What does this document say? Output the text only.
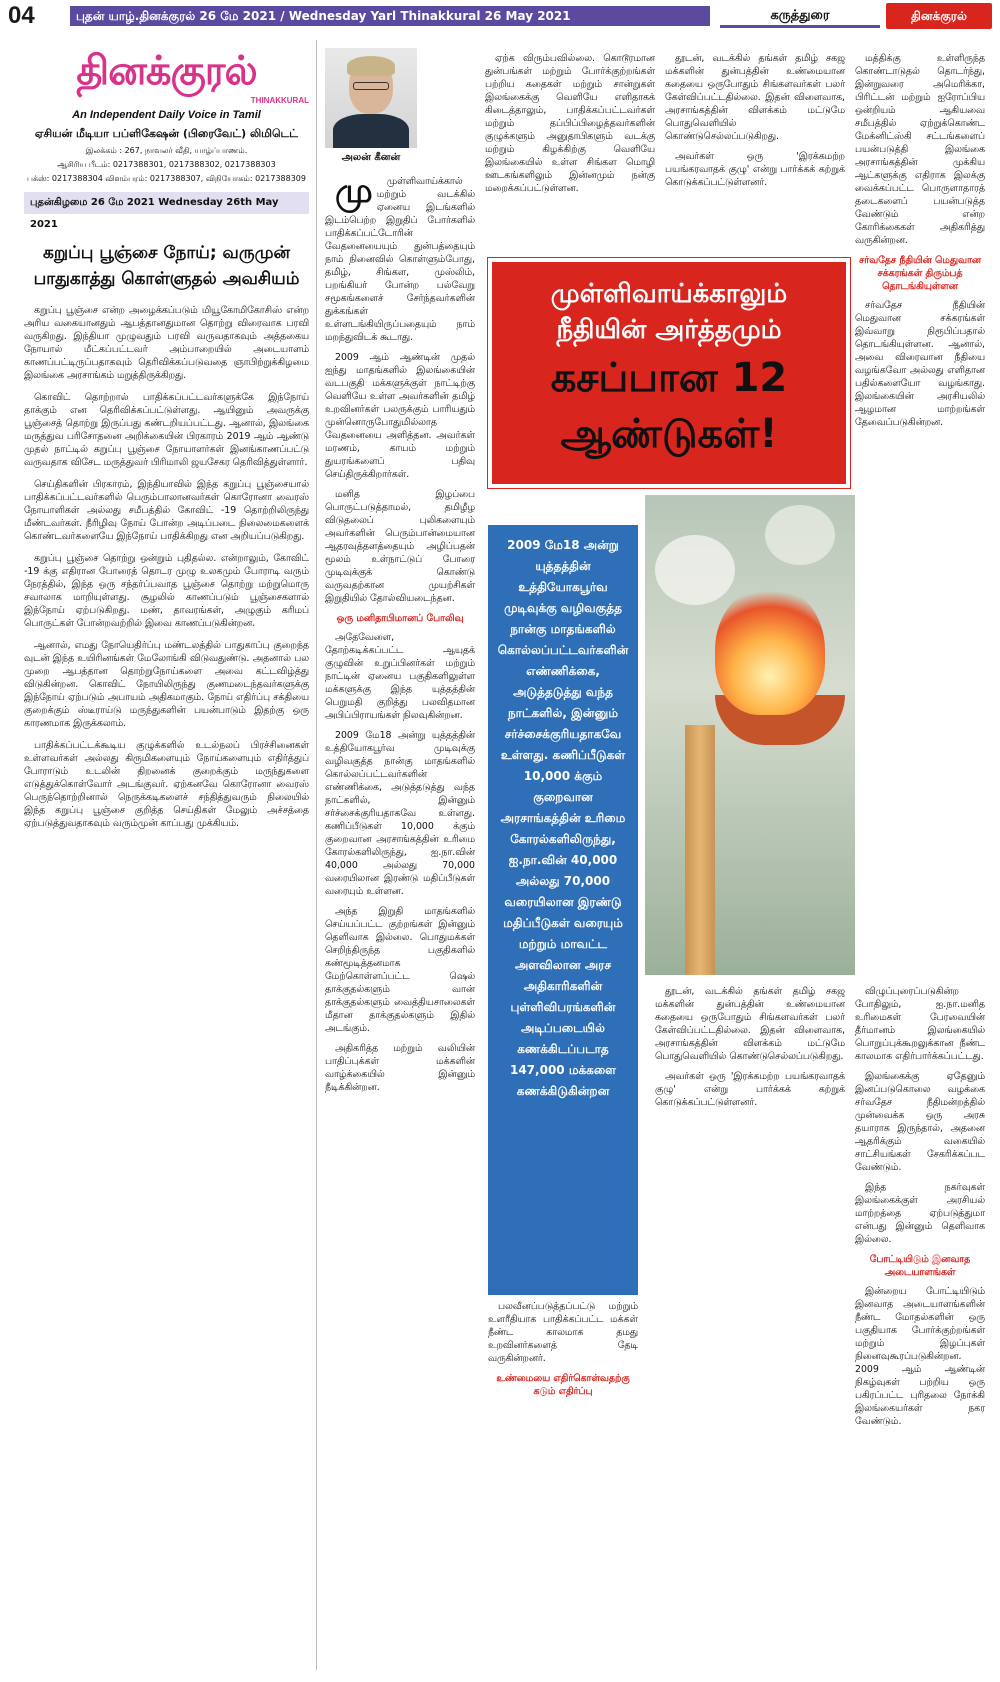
04	புதன் யாழ்.தினக்குரல் 26 மே 2021 / Wednesday Yarl Thinakkural 26 May 2021	கருத்துரை	தினக்குரல்
தினக்குரல்
THINAKKURAL
An Independent Daily Voice in Tamil
ஏசியன் மீடியா பப்ளிகேஷன் (பிரைவேட்) லிமிடெட்
இலக்கம் : 267, நாவலர் வீதி, யாழ்ப்பாணம்.
ஆசிரிய பீடம்: 0217388301, 0217388302, 0217388303
பக்ஸ்: 0217388304 விளம்பரம்: 0217388307, விநியோகம்: 0217388309
புதன்கிழமை 26 மே 2021 Wednesday 26th May 2021
கறுப்பு பூஞ்சை நோய்; வருமுன் பாதுகாத்து கொள்ளுதல் அவசியம்

கறுப்பு பூஞ்சை என்ற அழைக்கப்படும் மியூகோமிகோசிஸ் என்ற அரிய வகையானதும் ஆபத்தானதுமான தொற்று விரைவாக பரவி வருகிறது. இந்தியா முழுவதும் பரவி வருவதாகவும் அத்தகைய நோயால் மீட்கப்பட்டவர் அம்பாறையில் அடையாளம் காணப்பட்டிருப்பதாகவும் தெரிவிக்கப்படுவதை ஞாபிற்றுக்கிழமை இலங்கை அரசாங்கம் மறுத்திருக்கிறது.

கொவிட் தொற்றால் பாதிக்கப்பட்டவர்களுக்கே இந்நோய் தாக்கும் என தெரிவிக்கப்பட்டுள்ளது. ஆயினும் அவருக்கு பூஞ்சைத் தொற்று இருப்பது கண்டறியப்பட்டது. ஆனால், இலங்கை மருத்துவ பரிசோதனை அறிக்கையின் பிரகாரம் 2019 ஆம் ஆண்டு முதல் நாட்டில் கறுப்பு பூஞ்சை நோயாளர்கள் இனங்காணப்பட்டு வருவதாக விசேட மருத்துவர் பிரிமாலி ஜயசேகர தெரிவித்துள்ளார்.

செய்திகளின் பிரகாரம், இந்தியாவில் இந்த கறுப்பு பூஞ்சையால் பாதிக்கப்பட்டவர்களில் பெரும்பாலானவர்கள் கொரோனா வைரஸ் நோயாளிகள் அல்லது சமீபத்தில் கோவிட் -19 தொற்றிலிருந்து மீண்டவர்கள். நீரிழிவு நோய் போன்ற அடிப்படை நிலைமைகளைக் கொண்டவர்களையே இந்நோய் பாதிக்கிறது என அறியப்படுகிறது.

கறுப்பு பூஞ்சை தொற்று ஒன்றும் புதிதல்ல. என்றாலும், கோவிட் -19 க்கு எதிரான போரைத் தொடர முழு உலகமும் போராடி வரும் நேரத்தில், இந்த ஒரு சந்தர்ப்பவாத பூஞ்சை தொற்று மற்றுமொரு சவாலாக மாறியுள்ளது. சூழலில் காணப்படும் பூஞ்சைகளால் இந்நோய் ஏற்படுகிறது. மண், தாவரங்கள், அழுகும் கரிமப் பொருட்கள் போன்றவற்றில் இவை காணப்படுகின்றன.

ஆனால், எமது நோயெதிர்ப்பு மண்டலத்தில் பாதுகாப்பு குறைந்த வுடன் இந்த உயிரினங்கள் மேலோங்கி விடுவதுண்டு. அதனால் பல முறை ஆபத்தான தொற்றுநோய்களை அவை கட்டவிழ்த்து விடுகின்றன. கொவிட் நோயிலிருந்து குணமடைந்தவர்களுக்கு இந்நோய் ஏற்படும் அபாயம் அதிகமாகும். நோய் எதிர்ப்பு சக்தியை குறைக்கும் ஸ்டீராய்டு மருந்துகளின் பயன்பாடும் இதற்கு ஒரு காரணமாக இருக்கலாம்.

பாதிக்கப்பட்டக்கூடிய குழுக்களில் உடல்நலப் பிரச்சினைகள் உள்ளவர்கள் அல்லது கிருமிகளையும் நோய்களையும் எதிர்த்துப் போராடும் உடலின் திறனைக் குறைக்கும் மருந்துகளை எடுத்துக்கொள்வோர் அடங்குவர். ஏற்கனவே கொரோனா வைரஸ் பெருந்தொற்றினால் நெருக்கடிகளைச் சந்தித்துவரும் நிலையில் இந்த கறுப்பு பூஞ்சை குறித்த செய்திகள் மேலும் அச்சத்தை ஏற்படுத்துவதாகவும் வரும்முன் காப்பது முக்கியம்.

அலன் கீனன்

மு முள்ளிவாய்க்கால் மற்றும் வடக்கில் ஏனைய இடங்களில் இடம்பெற்ற இறுதிப் போர்களில் பாதிக்கப்பட்டோரின் வேதனையையும் துன்பத்தையும் நாம் நினைவில் கொள்ளும்போது, தமிழ், சிங்கள, முஸ்லிம், பறங்கியர் போன்ற பல்வேறு சமூகங்களைச் சேர்ந்தவர்களின் துக்கங்கள் உள்ளடங்கியிருப்பதையும் நாம் மறந்துவிடக் கூடாது.

2009 ஆம் ஆண்டின் முதல் ஐந்து மாதங்களில் இலங்கையின் வடபகுதி மக்களுக்குள் நாட்டிற்கு வெளியே உள்ள அவர்களின் தமிழ் உறவினர்கள் பலருக்கும் பாரியதும் முன்னொருபோதுமில்லாத வேதனையை அளித்தன. அவர்கள் மரணம், காயம் மற்றும் துயரங்களைப் பதிவு செய்திருக்கிறார்கள்.

மனித இழப்பை பொருட்படுத்தாமல், தமிழீழ விடுதலைப் புலிகளையும் அவர்களின் பெரும்பான்மையான ஆதரவுத்தளத்தையும் அழிப்பதன் மூலம் உள்நாட்டுப் போரை முடிவுக்குக் கொண்டு வருவதற்கான முயற்சிகள் இறுதியில் தோல்வியடைந்தன.

ஒரு மனிதாபிமானப் போலிவு

அதேவேளை, தோற்கடிக்கப்பட்ட ஆயுதக் குழுவின் உறுப்பினர்கள் மற்றும் நாட்டின் ஏனைய பகுதிகளிலுள்ள மக்களுக்கு இந்த யுத்தத்தின் பெறுமதி குறித்து பலவிதமான அபிப்பிராயங்கள் நிலவுகின்றன.

2009 மே18 அன்று யுத்தத்தின் உத்தியோகபூர்வ முடிவுக்கு வழிவகுத்த நான்கு மாதங்களில் கொல்லப்பட்டவர்களின் எண்ணிக்கை, அடுத்தடுத்து வந்த நாட்களில், இன்னும் சர்ச்சைக்குரியதாகவே உள்ளது. கணிப்பீடுகள் 10,000 க்கும் குறைவான அரசாங்கத்தின் உரிமை கோரல்களிலிருந்து, ஐ.நா.வின் 40,000 அல்லது 70,000 வரையிலான இரண்டு மதிப்பீடுகள் வரையும் உள்ளன.

அந்த இறுதி மாதங்களில் செய்யப்பட்ட குற்றங்கள் இன்னும் தெளிவாக இல்லை. பொதுமக்கள் செறிந்திருந்த பகுதிகளில் கண்மூடித்தனமாக மேற்கொள்ளப்பட்ட ஷெல் தாக்குதல்களும் வான் தாக்குதல்களும் வைத்தியசாலைகள் மீதான தாக்குதல்களும் இதில் அடங்கும்.

அதிகரித்த மற்றும் வலியின் பாதிப்புக்கள் மக்களின் வாழ்க்கையில் இன்னும் நீடிக்கின்றன.

ஏற்க விரும்பவில்லை. கொடூரமான துன்பங்கள் மற்றும் போர்க்குற்றங்கள் பற்றிய கதைகள் மற்றும் சான்றுகள் இலங்கைக்கு வெளியே எளிதாகக் கிடைத்தாலும், பாதிக்கப்பட்டவர்கள் மற்றும் தப்பிப்பிழைத்தவர்களின் குழுக்களும் அனுதாபிகளும் வடக்கு மற்றும் கிழக்கிற்கு வெளியே இலங்கையில் உள்ள சிங்கள மொழி ஊடகங்களிலும் இன்னமும் நன்கு மறைக்கப்பட்டுள்ளன.

தூடன், வடக்கில் தங்கள் தமிழ் சகஜ மக்களின் துன்பத்தின் உண்மையான கதையை ஒருபோதும் சிங்களவர்கள் பலர் கேள்விப்பட்டதில்லை. இதன் விளைவாக, அரசாங்கத்தின் விளக்கம் மட்டுமே பொதுவெளியில் கொண்டுசெல்லப்படுகிறது.

அவர்கள் ஒரு 'இரக்கமற்ற பயங்கரவாதக் குழு' என்று பார்க்கக் கற்றுக் கொடுக்கப்பட்டுள்ளனர்.

மத்திக்கு உள்ளிருந்த கொண்டாடுதல் தொடர்ந்து, இன்றுவரை அமெரிக்கா, பிரிட்டன் மற்றும் ஐரோப்பிய ஒன்றியம் ஆகியவை சமீபத்தில் ஏற்றுக்கொண்ட மேக்னிட்ஸ்கி சட்டங்களைப் பயன்படுத்தி இலங்கை அரசாங்கத்தின் முக்கிய ஆட்களுக்கு எதிராக இலக்கு வைக்கப்பட்ட பொருளாதாரத் தடைகளைப் பயன்படுத்த வேண்டும் என்ற கோரிக்கைகள் அதிகரித்து வருகின்றன.

சர்வதேச நீதியின் மெதுவான சக்கரங்கள் திரும்பத் தொடங்கியுள்ளன

சர்வதேச நீதியின் மெதுவான சக்கரங்கள் இவ்வாறு நிரூபிப்பதால் தொடங்கியுள்ளன. ஆனால், அவை விரைவான நீதியை வழங்கவோ அல்லது எளிதான பதில்களையோ வழங்காது. இலங்கையின் அரசியலில் ஆழமான மாற்றங்கள் தேவைப்படுகின்றன.

முள்ளிவாய்க்காலும்
நீதியின் அர்த்தமும்
கசப்பான 12
ஆண்டுகள்!
2009 மே18 அன்று யுத்தத்தின் உத்தியோகபூர்வ முடிவுக்கு வழிவகுத்த நான்கு மாதங்களில் கொல்லப்பட்டவர்களின் எண்ணிக்கை, அடுத்தடுத்து வந்த நாட்களில், இன்னும் சர்ச்சைக்குரியதாகவே உள்ளது. கணிப்பீடுகள் 10,000 க்கும் குறைவான அரசாங்கத்தின் உரிமை கோரல்களிலிருந்து, ஐ.நா.வின் 40,000 அல்லது 70,000 வரையிலான இரண்டு மதிப்பீடுகள் வரையும் மற்றும் மாவட்ட அளவிலான அரச அதிகாரிகளின் புள்ளிவிபரங்களின் அடிப்படையில் கணக்கிடப்படாத 147,000 மக்களை கணக்கிடுகின்றன

பலவீனப்படுத்தப்பட்டு மற்றும் உளரீதியாக பாதிக்கப்பட்ட மக்கள் நீண்ட காலமாக தமது உறவினர்களைத் தேடி வருகின்றனர்.

உண்மையை எதிர்கொள்வதற்கு கடும் எதிர்ப்பு

தூடன், வடக்கில் தங்கள் தமிழ் சகஜ மக்களின் துன்பத்தின் உண்மையான கதையை ஒருபோதும் சிங்களவர்கள் பலர் கேள்விப்பட்டதில்லை. இதன் விளைவாக, அரசாங்கத்தின் விளக்கம் மட்டுமே பொதுவெளியில் கொண்டுசெல்லப்படுகிறது.

அவர்கள் ஒரு 'இரக்கமற்ற பயங்கரவாதக் குழு' என்று பார்க்கக் கற்றுக் கொடுக்கப்பட்டுள்ளனர்.

விழுப்புரைப்படுகின்ற போதிலும், ஐ.நா.மனித உரிமைகள் பேரவையின் தீர்மானம் இலங்கையில் பொறுப்புக்கூறலுக்கான நீண்ட காலமாக எதிர்பார்க்கப்பட்டது.

இலங்கைக்கு ஏதேனும் இனப்படுகொலை வழக்கை சர்வதேச நீதிமன்றத்தில் முன்வைக்க ஒரு அரசு தயாராக இருந்தால், அதனை ஆதரிக்கும் வகையில் சாட்சியங்கள் சேகரிக்கப்பட வேண்டும்.

இந்த நகர்வுகள் இலங்கைக்குள் அரசியல் மாற்றத்தை ஏற்படுத்துமா என்பது இன்னும் தெளிவாக இல்லை.

போட்டியிடும் இனவாத அடையாளங்கள்

இன்றைய போட்டியிடும் இனவாத அடையாளங்களின் நீண்ட மோதல்களின் ஒரு பகுதியாக போர்க்குற்றங்கள் மற்றும் இழப்புகள் நினைவுகூரப்படுகின்றன. 2009 ஆம் ஆண்டின் நிகழ்வுகள் பற்றிய ஒரு பகிரப்பட்ட புரிதலை நோக்கி இலங்கையர்கள் நகர வேண்டும்.
